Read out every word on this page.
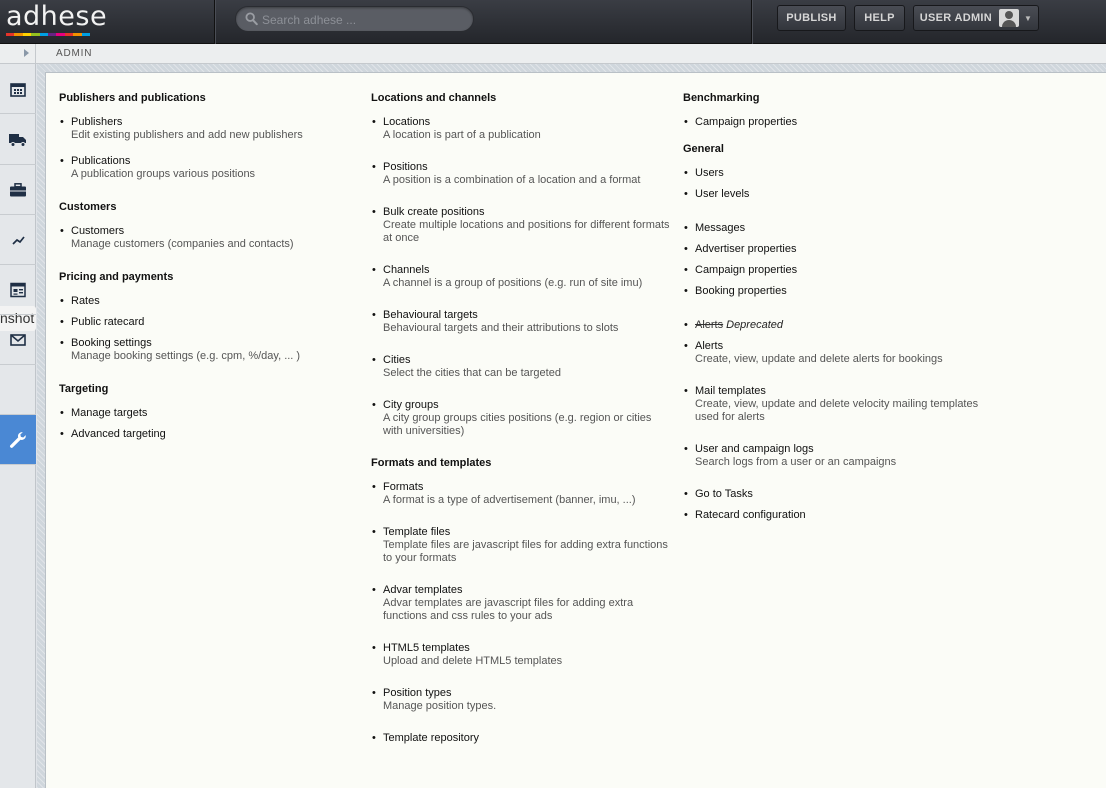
adhese
Search adhese ...	PUBLISH	HELP	USER ADMIN	▼
ADMIN
nshot
Publishers and publications
• Publishers
Edit existing publishers and add new publishers
• Publications
A publication groups various positions
Customers
• Customers
Manage customers (companies and contacts)
Pricing and payments
• Rates
• Public ratecard
• Booking settings
Manage booking settings (e.g. cpm, %/day, ... )
Targeting
• Manage targets
• Advanced targeting
Locations and channels
• Locations
A location is part of a publication
• Positions
A position is a combination of a location and a format
• Bulk create positions
Create multiple locations and positions for different formats at once
• Channels
A channel is a group of positions (e.g. run of site imu)
• Behavioural targets
Behavioural targets and their attributions to slots
• Cities
Select the cities that can be targeted
• City groups
A city group groups cities positions (e.g. region or cities with universities)
Formats and templates
• Formats
A format is a type of advertisement (banner, imu, ...)
• Template files
Template files are javascript files for adding extra functions to your formats
• Advar templates
Advar templates are javascript files for adding extra functions and css rules to your ads
• HTML5 templates
Upload and delete HTML5 templates
• Position types
Manage position types.
• Template repository
Benchmarking
• Campaign properties
General
• Users
• User levels
• Messages
• Advertiser properties
• Campaign properties
• Booking properties
• Alerts Deprecated
• Alerts
Create, view, update and delete alerts for bookings
• Mail templates
Create, view, update and delete velocity mailing templates used for alerts
• User and campaign logs
Search logs from a user or an campaigns
• Go to Tasks
• Ratecard configuration
